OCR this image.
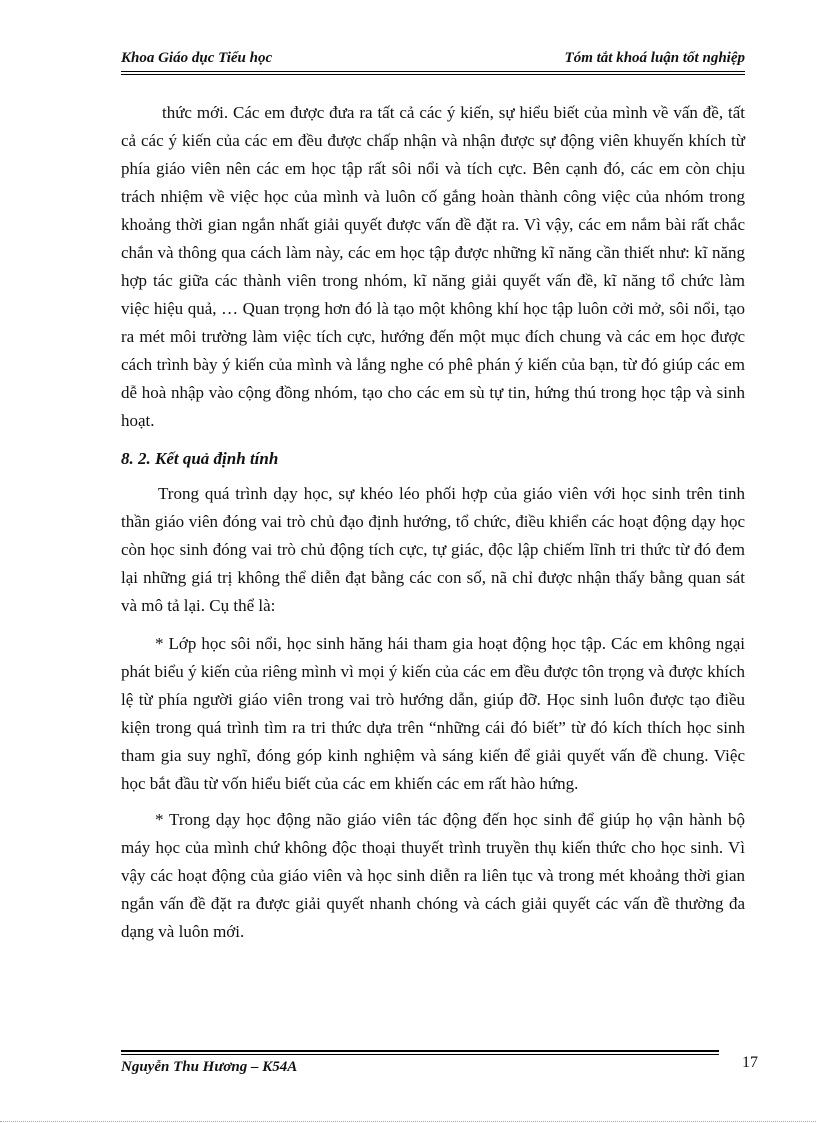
Khoa Giáo dục Tiểu học	Tóm tắt khoá luận tốt nghiệp

thức mới. Các em được đưa ra tất cả các ý kiến, sự hiểu biết của mình về vấn đề, tất cả các ý kiến của các em đều được chấp nhận và nhận được sự động viên khuyến khích từ phía giáo viên nên các em học tập rất sôi nổi và tích cực. Bên cạnh đó, các em còn chịu trách nhiệm về việc học của mình và luôn cố gắng hoàn thành công việc của nhóm trong khoảng thời gian ngắn nhất giải quyết được vấn đề đặt ra. Vì vậy, các em nắm bài rất chắc chắn và thông qua cách làm này, các em học tập được những kĩ năng cần thiết như: kĩ năng hợp tác giữa các thành viên trong nhóm, kĩ năng giải quyết vấn đề, kĩ năng tổ chức làm việc hiệu quả, … Quan trọng hơn đó là tạo một không khí học tập luôn cởi mở, sôi nổi, tạo ra mét môi trường làm việc tích cực, hướng đến một mục đích chung và các em học được cách trình bày ý kiến của mình và lắng nghe có phê phán ý kiến của bạn, từ đó giúp các em dễ hoà nhập vào cộng đồng nhóm, tạo cho các em sù tự tin, hứng thú trong học tập và sinh hoạt.

8. 2. Kết quả định tính

Trong quá trình dạy học, sự khéo léo phối hợp của giáo viên với học sinh trên tinh thần giáo viên đóng vai trò chủ đạo định hướng, tổ chức, điều khiển các hoạt động dạy học còn học sinh đóng vai trò chủ động tích cực, tự giác, độc lập chiếm lĩnh tri thức từ đó đem lại những giá trị không thể diễn đạt bằng các con số, nã chỉ được nhận thấy bằng quan sát và mô tả lại. Cụ thể là:

* Lớp học sôi nổi, học sinh hăng hái tham gia hoạt động học tập. Các em không ngại phát biểu ý kiến của riêng mình vì mọi ý kiến của các em đều được tôn trọng và được khích lệ từ phía người giáo viên trong vai trò hướng dẫn, giúp đỡ. Học sinh luôn được tạo điều kiện trong quá trình tìm ra tri thức dựa trên “những cái đó biết” từ đó kích thích học sinh tham gia suy nghĩ, đóng góp kinh nghiệm và sáng kiến để giải quyết vấn đề chung. Việc học bắt đầu từ vốn hiểu biết của các em khiến các em rất hào hứng.

* Trong dạy học động não giáo viên tác động đến học sinh để giúp họ vận hành bộ máy học của mình chứ không độc thoại thuyết trình truyền thụ kiến thức cho học sinh. Vì vậy các hoạt động của giáo viên và học sinh diễn ra liên tục và trong mét khoảng thời gian ngắn vấn đề đặt ra được giải quyết nhanh chóng và cách giải quyết các vấn đề thường đa dạng và luôn mới.

Nguyễn Thu Hương – K54A	17
